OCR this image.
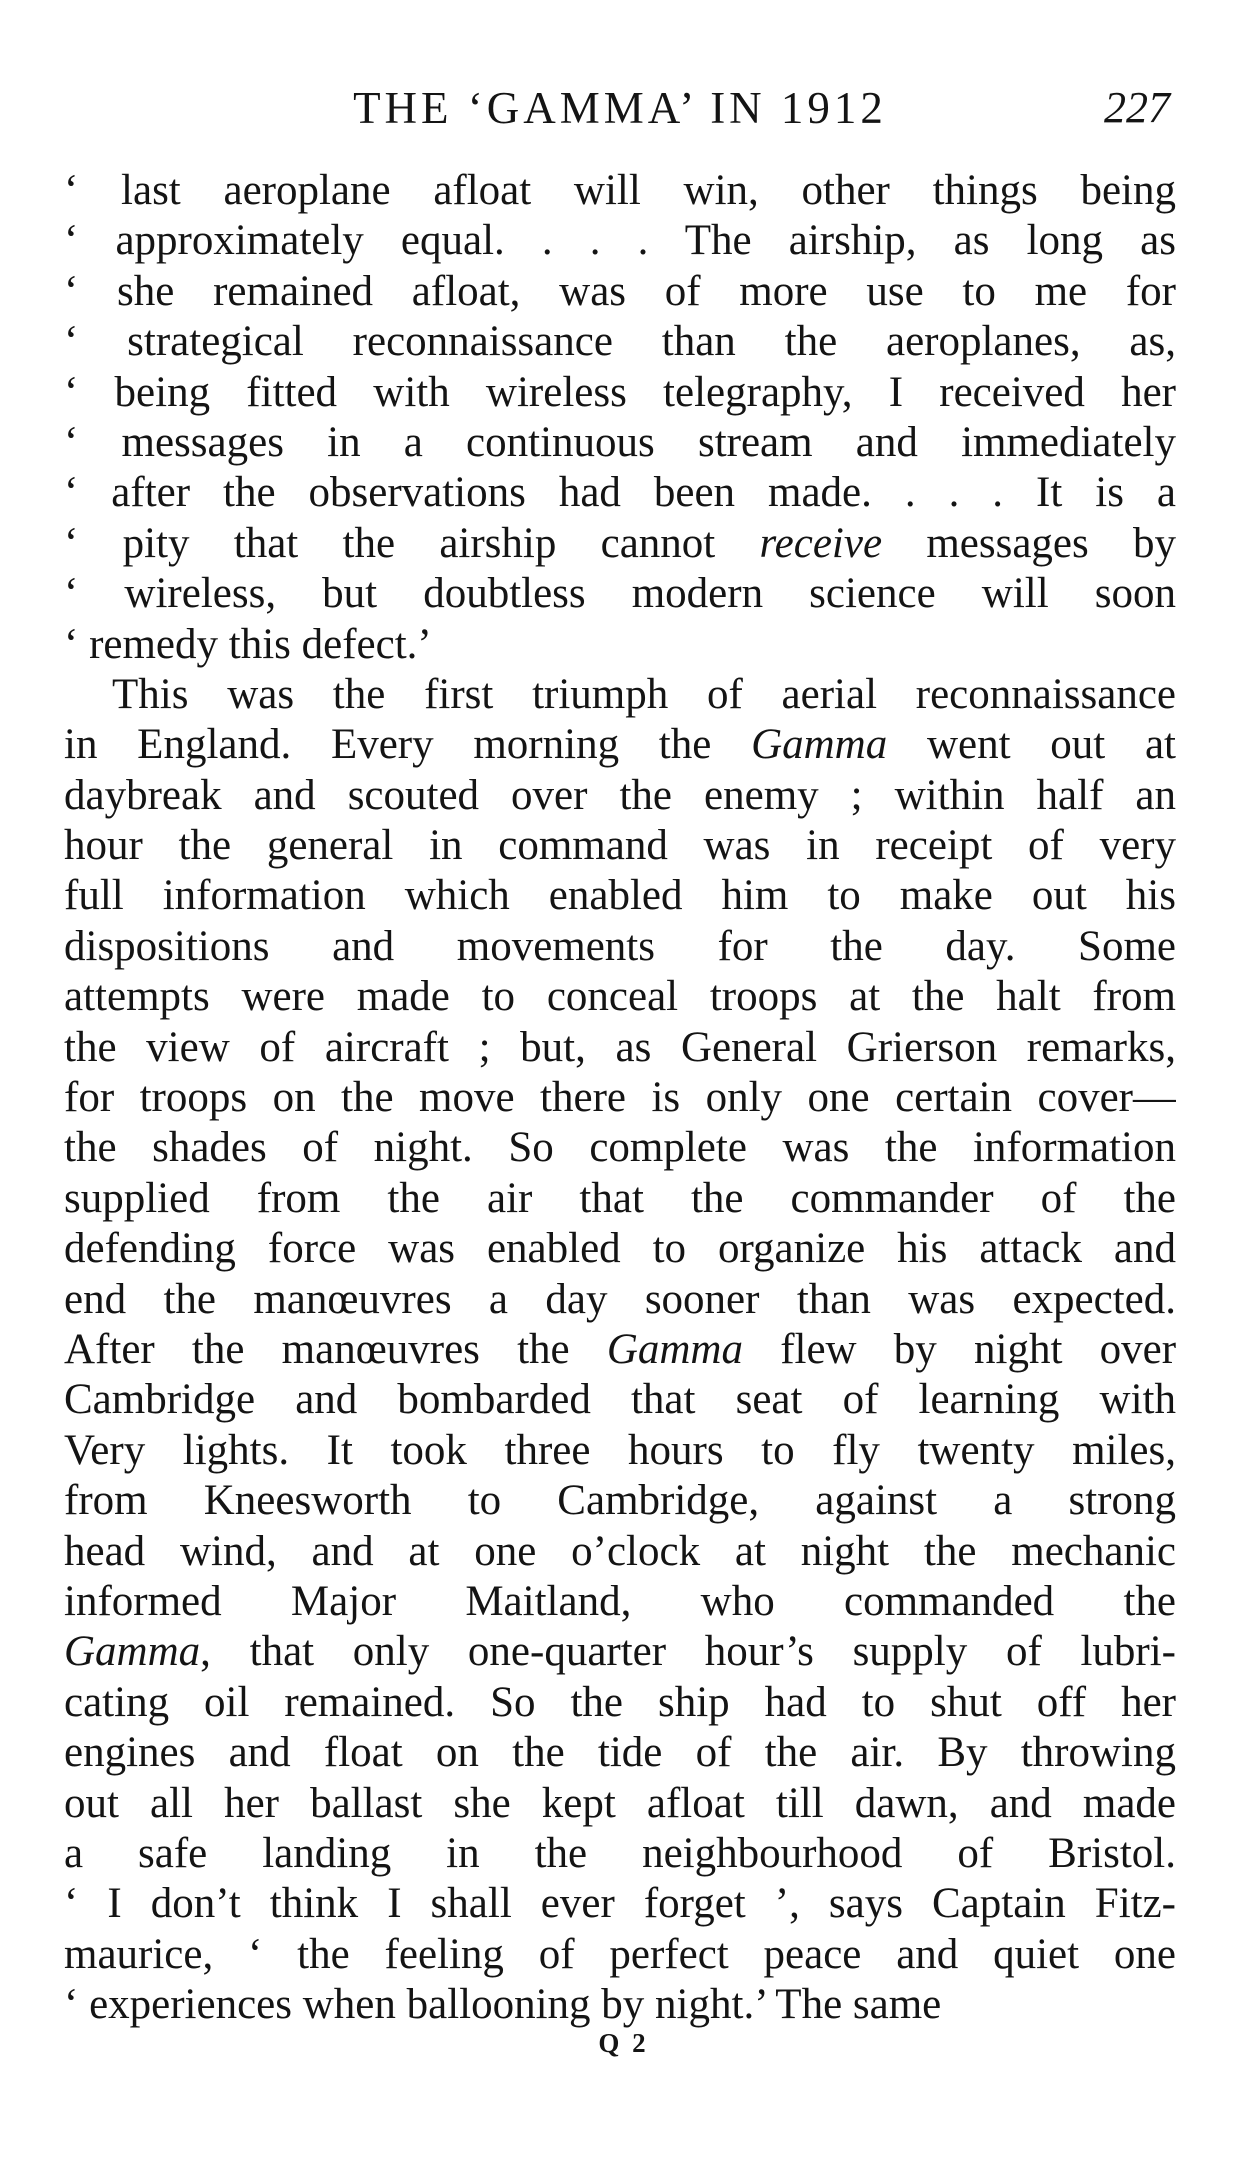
THE ‘GAMMA’ IN 1912	227
‘ last aeroplane afloat will win, other things being
‘ approximately equal. . . . The airship, as long as
‘ she remained afloat, was of more use to me for
‘ strategical reconnaissance than the aeroplanes, as,
‘ being fitted with wireless telegraphy, I received her
‘ messages in a continuous stream and immediately
‘ after the observations had been made. . . . It is a
‘ pity that the airship cannot receive messages by
‘ wireless, but doubtless modern science will soon
‘ remedy this defect.’
This was the first triumph of aerial reconnaissance
in England. Every morning the Gamma went out at
daybreak and scouted over the enemy ; within half an
hour the general in command was in receipt of very
full information which enabled him to make out his
dispositions and movements for the day. Some
attempts were made to conceal troops at the halt from
the view of aircraft ; but, as General Grierson remarks,
for troops on the move there is only one certain cover—
the shades of night. So complete was the information
supplied from the air that the commander of the
defending force was enabled to organize his attack and
end the manœuvres a day sooner than was expected.
After the manœuvres the Gamma flew by night over
Cambridge and bombarded that seat of learning with
Very lights. It took three hours to fly twenty miles,
from Kneesworth to Cambridge, against a strong
head wind, and at one o’clock at night the mechanic
informed Major Maitland, who commanded the
Gamma, that only one-quarter hour’s supply of lubri-
cating oil remained. So the ship had to shut off her
engines and float on the tide of the air. By throwing
out all her ballast she kept afloat till dawn, and made
a safe landing in the neighbourhood of Bristol.
‘ I don’t think I shall ever forget ’, says Captain Fitz-
maurice, ‘ the feeling of perfect peace and quiet one
‘ experiences when ballooning by night.’ The same
Q 2
